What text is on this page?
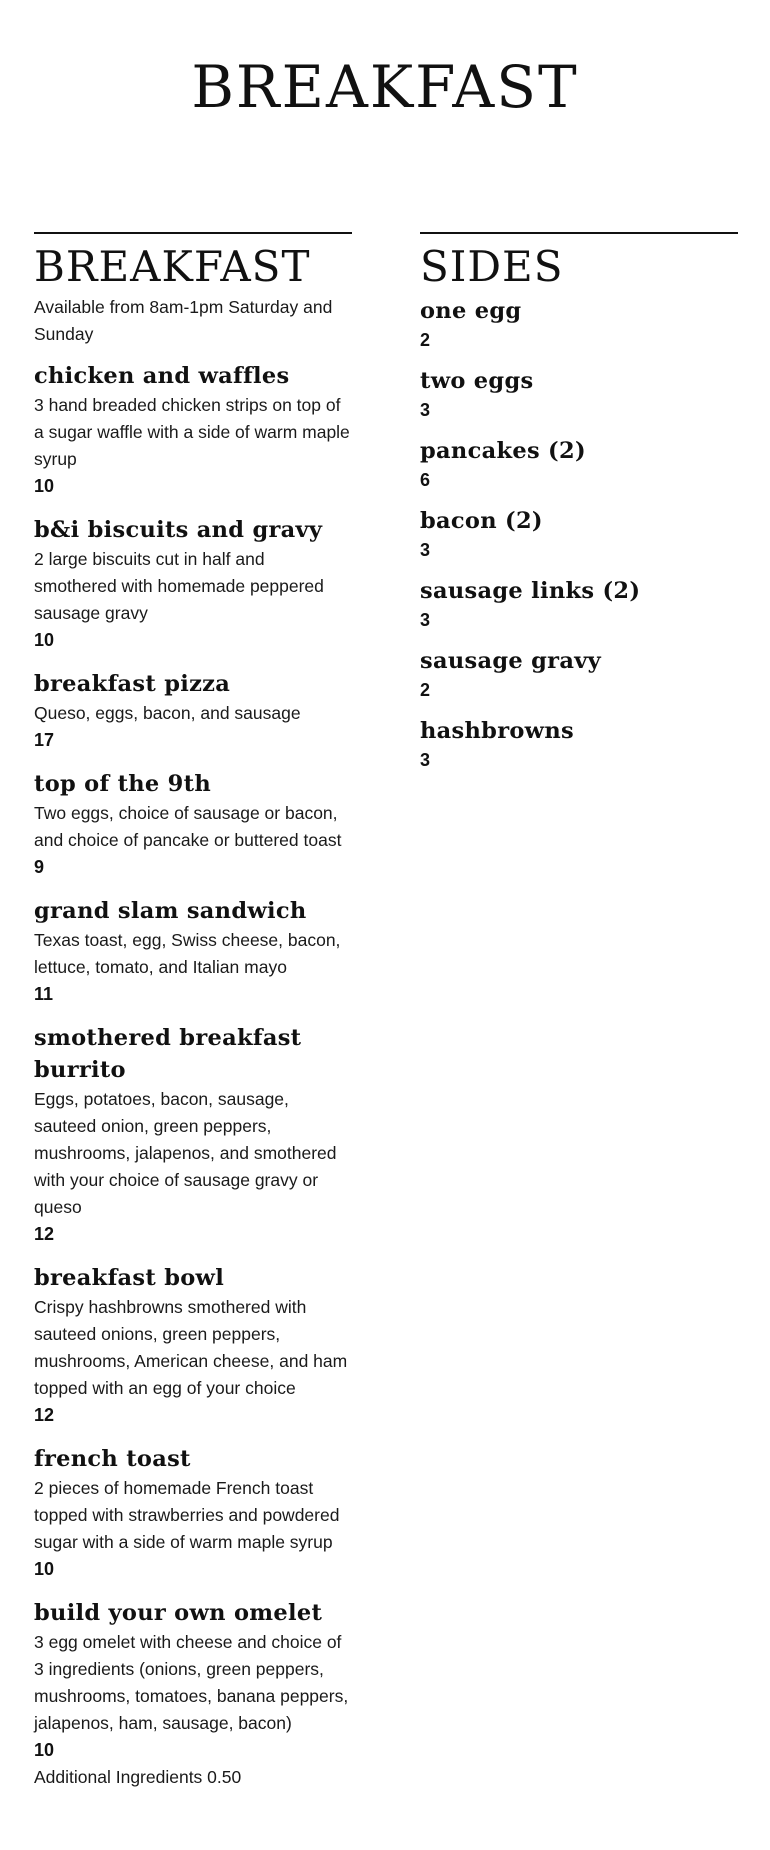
BREAKFAST
BREAKFAST
Available from 8am-1pm Saturday and Sunday
chicken and waffles
3 hand breaded chicken strips on top of a sugar waffle with a side of warm maple syrup
10
b&i biscuits and gravy
2 large biscuits cut in half and smothered with homemade peppered sausage gravy
10
breakfast pizza
Queso, eggs, bacon, and sausage
17
top of the 9th
Two eggs, choice of sausage or bacon, and choice of pancake or buttered toast
9
grand slam sandwich
Texas toast, egg, Swiss cheese, bacon, lettuce, tomato, and Italian mayo
11
smothered breakfast burrito
Eggs, potatoes, bacon, sausage, sauteed onion, green peppers, mushrooms, jalapenos, and smothered with your choice of sausage gravy or queso
12
breakfast bowl
Crispy hashbrowns smothered with sauteed onions, green peppers, mushrooms, American cheese, and ham topped with an egg of your choice
12
french toast
2 pieces of homemade French toast topped with strawberries and powdered sugar with a side of warm maple syrup
10
build your own omelet
3 egg omelet with cheese and choice of 3 ingredients (onions, green peppers, mushrooms, tomatoes, banana peppers, jalapenos, ham, sausage, bacon)
10
Additional Ingredients 0.50
SIDES
one egg
2
two eggs
3
pancakes (2)
6
bacon (2)
3
sausage links (2)
3
sausage gravy
2
hashbrowns
3
